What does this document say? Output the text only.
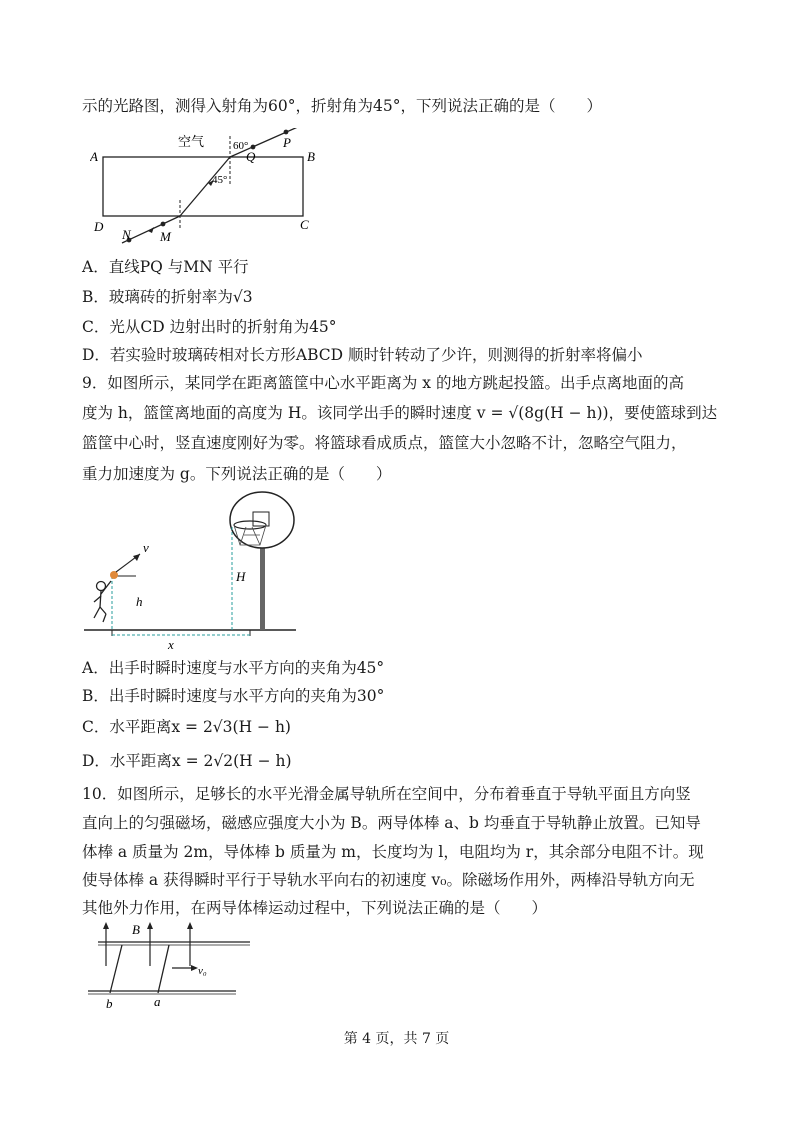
示的光路图，测得入射角为60°，折射角为45°，下列说法正确的是（　　）
空气
A	B
C
D
P
Q
M
N
60°
45°
A．直线PQ 与MN 平行
B．玻璃砖的折射率为√3
C．光从CD 边射出时的折射角为45°
D．若实验时玻璃砖相对长方形ABCD 顺时针转动了少许，则测得的折射率将偏小
9．如图所示，某同学在距离篮筐中心水平距离为 x 的地方跳起投篮。出手点离地面的高
度为 h，篮筐离地面的高度为 H。该同学出手的瞬时速度 v = √(8g(H − h))，要使篮球到达
篮筐中心时，竖直速度刚好为零。将篮球看成质点，篮筐大小忽略不计，忽略空气阻力，
重力加速度为 g。下列说法正确的是（　　）
x
H
h
v
A．出手时瞬时速度与水平方向的夹角为45°
B．出手时瞬时速度与水平方向的夹角为30°
C．水平距离x = 2√3(H − h)
D．水平距离x = 2√2(H − h)
10．如图所示，足够长的水平光滑金属导轨所在空间中，分布着垂直于导轨平面且方向竖
直向上的匀强磁场，磁感应强度大小为 B。两导体棒 a、b 均垂直于导轨静止放置。已知导
体棒 a 质量为 2m，导体棒 b 质量为 m，长度均为 l，电阻均为 r，其余部分电阻不计。现
使导体棒 a 获得瞬时平行于导轨水平向右的初速度 v₀。除磁场作用外，两棒沿导轨方向无
其他外力作用，在两导体棒运动过程中，下列说法正确的是（　　）
B
v₀
b	a
第 4 页，共 7 页
